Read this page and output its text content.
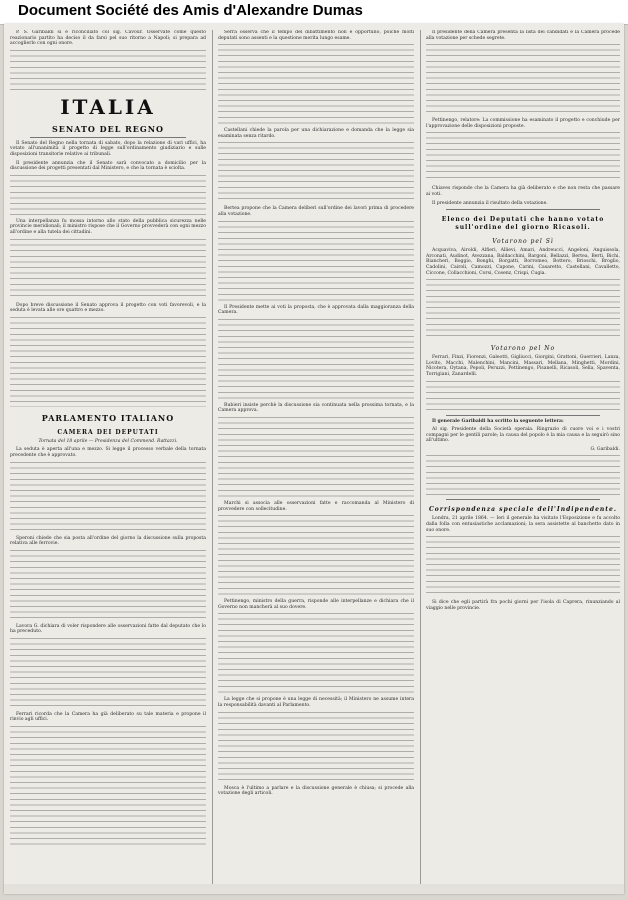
Document Société des Amis d'Alexandre Dumas

P. S. Garibaldi si è riconciliato col sig. Cavour. Osservate come questo reazionario partito ha deciso il da farsi pel suo ritorno a Napoli; si prepara ad accoglierlo con ogni onore.

ITALIA
SENATO DEL REGNO

Il Senato del Regno nella tornata di sabato, dopo la relazione di vari uffici, ha votato all'unanimità il progetto di legge sull'ordinamento giudiziario e sulle disposizioni transitorie relative ai tribunali.

Il presidente annunzia che il Senato sarà convocato a domicilio per la discussione dei progetti presentati dal Ministero, e che la tornata è sciolta.

Una interpellanza fu mossa intorno allo stato della pubblica sicurezza nelle provincie meridionali; il ministro rispose che il Governo provvederà con ogni mezzo all'ordine e alla tutela dei cittadini.

Dopo breve discussione il Senato approva il progetto con voti favorevoli, e la seduta è levata alle ore quattro e mezzo.

PARLAMENTO ITALIANO
CAMERA DEI DEPUTATI

Tornata del 18 aprile — Presidenza del Commend. Rattazzi.

La seduta è aperta all'una e mezzo. Si legge il processo verbale della tornata precedente che è approvato.

Speroni chiede che sia posta all'ordine del giorno la discussione sulla proposta relativa alle ferrovie.

Lavora G. dichiara di voler rispondere alle osservazioni fatte dal deputato che lo ha preceduto.

Ferrari ricorda che la Camera ha già deliberato su tale materia e propone il rinvio agli uffici.

Serra osserva che il tempo del dibattimento non è opportuno, poichè molti deputati sono assenti e la questione merita lungo esame.

Castellani chiede la parola per una dichiarazione e domanda che la legge sia esaminata senza ritardo.

Bertea propone che la Camera deliberi sull'ordine dei lavori prima di procedere alla votazione.

Il Presidente mette ai voti la proposta, che è approvata dalla maggioranza della Camera.

Rubieri insiste perchè la discussione sia continuata nella prossima tornata, e la Camera approva.

Marchi si associa alle osservazioni fatte e raccomanda al Ministero di provvedere con sollecitudine.

Pettinengo, ministro della guerra, risponde alle interpellanze e dichiara che il Governo non mancherà al suo dovere.

La legge che si propone è una legge di necessità; il Ministero ne assume intera la responsabilità davanti al Parlamento.

Mosca è l'ultimo a parlare e la discussione generale è chiusa; si procede alla votazione degli articoli.

Il presidente della Camera presenta la lista dei candidati e la Camera procede alla votazione per schede segrete.

Pettinengo, relatore: La commissione ha esaminato il progetto e conchiude per l'approvazione delle disposizioni proposte.

Chiaves risponde che la Camera ha già deliberato e che non resta che passare ai voti.

Il presidente annunzia il risultato della votazione.

Elenco dei Deputati che hanno votato sull'ordine del giorno Ricasoli.
Votarono pel Sì

Acquaviva, Airoldi, Alfieri, Allievi, Amari, Andreucci, Angeloni, Anguissola, Arconati, Audinot, Avezzana, Baldacchini, Bargoni, Bellazzi, Bertea, Berti, Bichi, Biancheri, Boggio, Bonghi, Borgatti, Borromeo, Bottero, Brioschi, Broglio, Cadolini, Cairoli, Camozzi, Capone, Carini, Casaretto, Castellani, Cavalletto, Ciccone, Collacchioni, Corsi, Cosenz, Crispi, Cugia.

Votarono pel No

Ferrari, Finzi, Fiorenzi, Galeotti, Gigliucci, Giorgini, Grattoni, Guerrieri, Lanza, Lovito, Macchi, Malenchini, Mancini, Massari, Mellana, Minghetti, Mordini, Nicotera, Oytana, Pepoli, Peruzzi, Pettinengo, Pisanelli, Ricasoli, Sella, Spaventa, Torrigiani, Zanardelli.

Il generale Garibaldi ha scritto la seguente lettera:

Al sig. Presidente della Società operaia. Ringrazio di cuore voi e i vostri compagni per le gentili parole; la causa del popolo è la mia causa e la seguirò sino all'ultimo.

G. Garibaldi.

Corrispondenza speciale dell'Indipendente.

Londra, 21 aprile 1864. — Ieri il generale ha visitato l'Esposizione e fu accolto dalla folla con entusiastiche acclamazioni; la sera assistette al banchetto dato in suo onore.

Si dice che egli partirà fra pochi giorni per l'isola di Caprera, rinunziando al viaggio nelle provincie.
